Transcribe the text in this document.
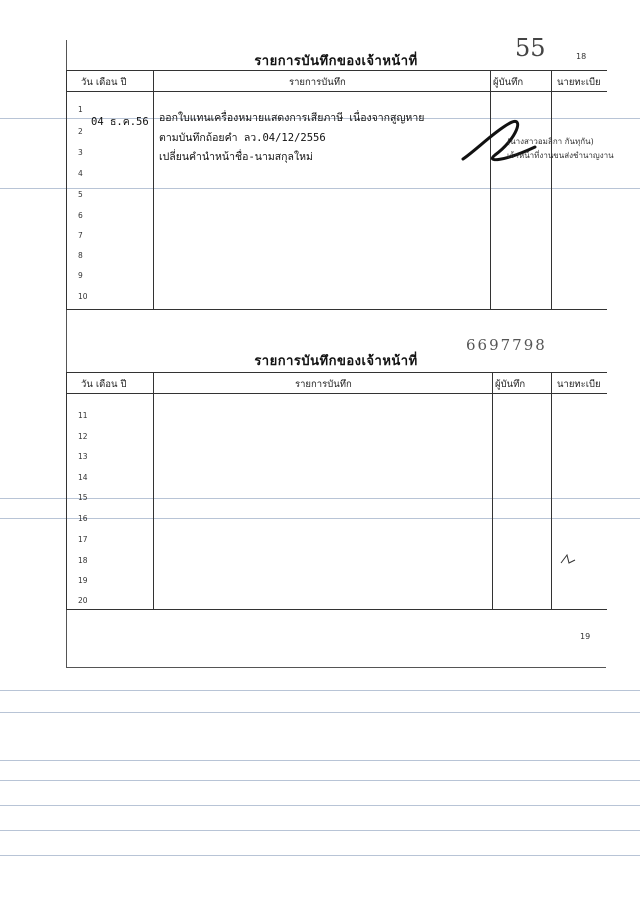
55	18
รายการบันทึกของเจ้าหน้าที่
วัน เดือน ปี	รายการบันทึก	ผู้บันทึก	นายทะเบีย
1
2
3
4
5
6
7
8
9
10
04 ธ.ค.56 ออกใบแทนเครื่องหมายแสดงการเสียภาษี เนื่องจากสูญหาย
ตามบันทึกถ้อยคำ ลว.04/12/2556
เปลี่ยนคำนำหน้าชื่อ-นามสกุลใหม่
(นางสาวอมลิกา กันทุกัน)
เจ้าหน้าที่งานขนส่งชำนาญงาน
6697798
รายการบันทึกของเจ้าหน้าที่
วัน เดือน ปี	รายการบันทึก	ผู้บันทึก	นายทะเบีย
11
12
13
14
15
16
17
18
19
20
19
